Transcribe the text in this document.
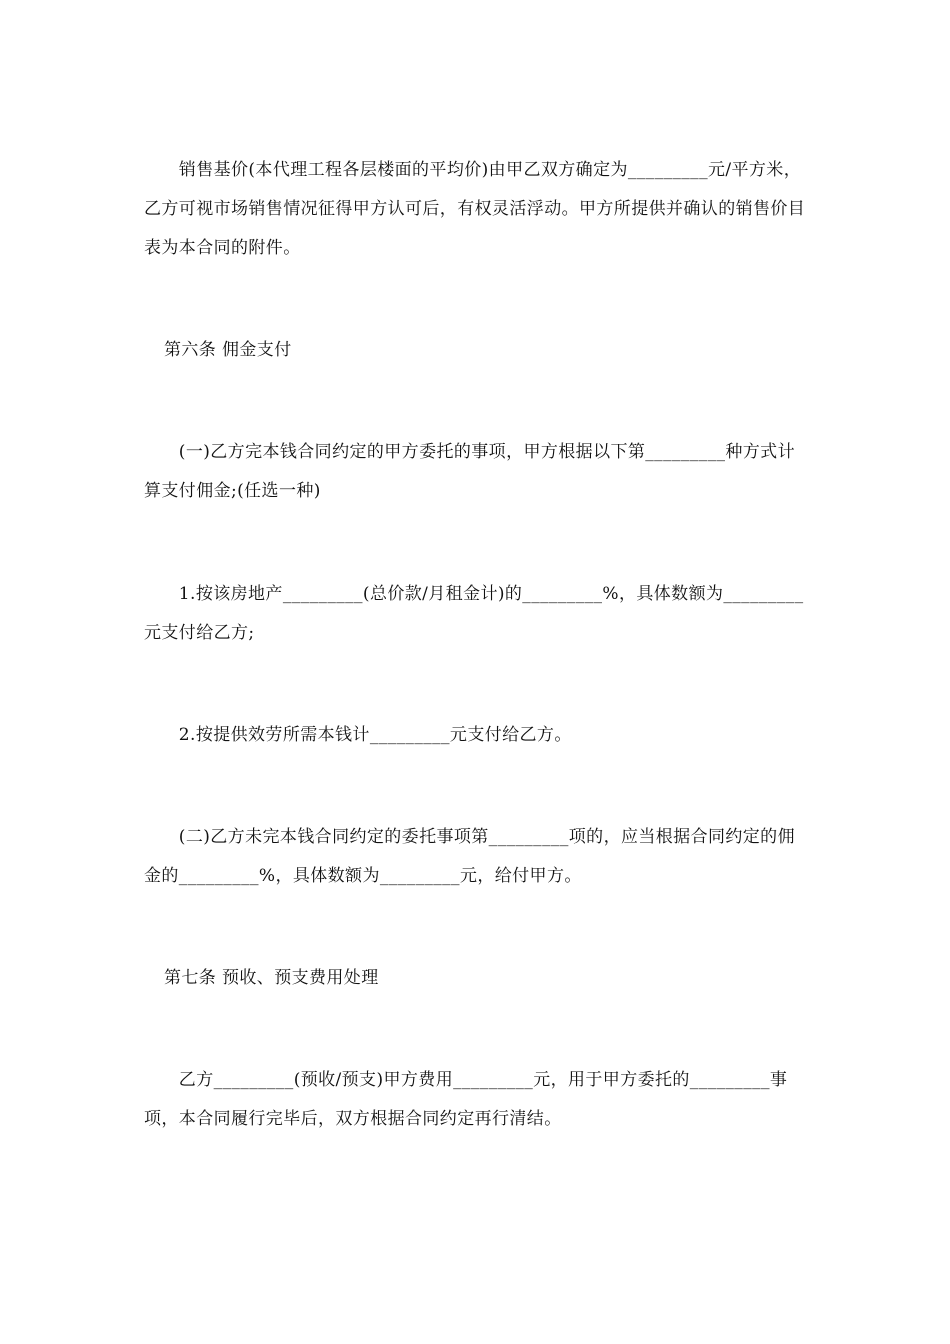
　　销售基价(本代理工程各层楼面的平均价)由甲乙双方确定为_________元/平方米，乙方可视市场销售情况征得甲方认可后，有权灵活浮动。甲方所提供并确认的销售价目表为本合同的附件。

第六条 佣金支付

　　(一)乙方完本钱合同约定的甲方委托的事项，甲方根据以下第_________种方式计算支付佣金;(任选一种)

　　1.按该房地产_________(总价款/月租金计)的_________%，具体数额为_________元支付给乙方;

　　2.按提供效劳所需本钱计_________元支付给乙方。

　　(二)乙方未完本钱合同约定的委托事项第_________项的，应当根据合同约定的佣金的_________%，具体数额为_________元，给付甲方。

第七条 预收、预支费用处理

　　乙方_________(预收/预支)甲方费用_________元，用于甲方委托的_________事项，本合同履行完毕后，双方根据合同约定再行清结。
